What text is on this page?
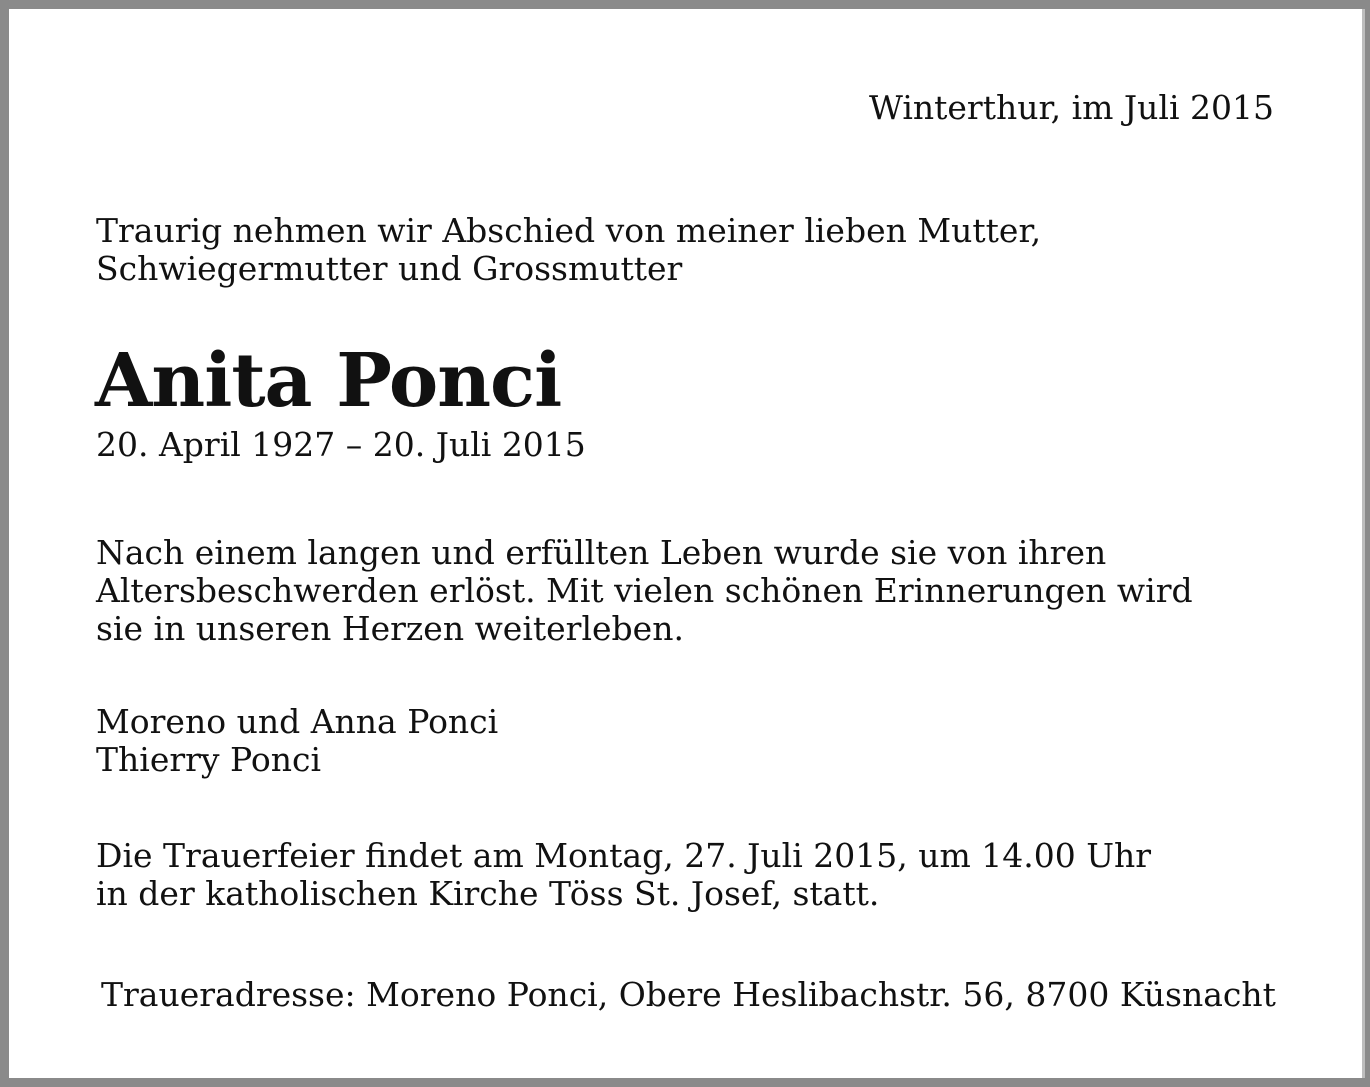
Winterthur, im Juli 2015

Traurig nehmen wir Abschied von meiner lieben Mutter,
Schwiegermutter und Grossmutter

Anita Ponci

20. April 1927 – 20. Juli 2015

Nach einem langen und erfüllten Leben wurde sie von ihren
Altersbeschwerden erlöst. Mit vielen schönen Erinnerungen wird
sie in unseren Herzen weiterleben.

Moreno und Anna Ponci
Thierry Ponci

Die Trauerfeier findet am Montag, 27. Juli 2015, um 14.00 Uhr
in der katholischen Kirche Töss St. Josef, statt.

Traueradresse: Moreno Ponci, Obere Heslibachstr. 56, 8700 Küsnacht
